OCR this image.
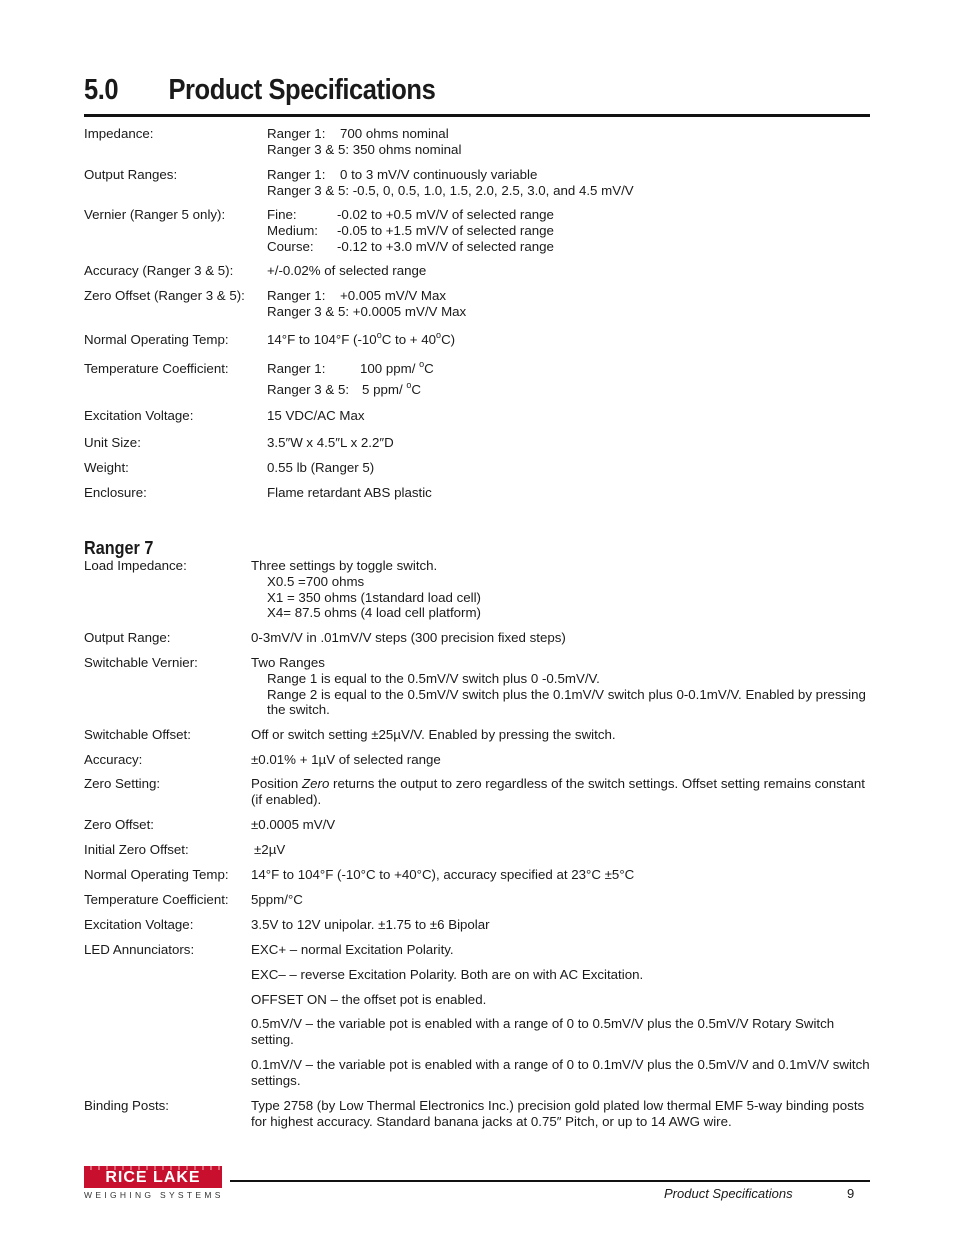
5.0 Product Specifications
Impedance:	Ranger 1: 700 ohms nominal
Ranger 3 & 5: 350 ohms nominal
Output Ranges:	Ranger 1: 0 to 3 mV/V continuously variable
Ranger 3 & 5: -0.5, 0, 0.5, 1.0, 1.5, 2.0, 2.5, 3.0, and 4.5 mV/V
Vernier (Ranger 5 only):	Fine:	-0.02 to +0.5 mV/V of selected range
Medium: -0.05 to +1.5 mV/V of selected range
Course: -0.12 to +3.0 mV/V of selected range
Accuracy (Ranger 3 & 5):	+/-0.02% of selected range
Zero Offset (Ranger 3 & 5):	Ranger 1: +0.005 mV/V Max
Ranger 3 & 5: +0.0005 mV/V Max
Normal Operating Temp:	14°F to 104°F (-10$^o$C to + $40^oC$)
Temperature Coefficient:	Ranger 1:	100 ppm/ $^o$C
Ranger 3 & 5: 5 ppm/ $^o$C
Excitation Voltage:	15 VDC/AC Max
Unit Size:	3.5″W x 4.5″L x 2.2″D
Weight:	0.55 lb (Ranger 5)
Enclosure:	Flame retardant ABS plastic
Ranger 7
Load Impedance:	Three settings by toggle switch.
X0.5 =700 ohms
X1 = 350 ohms (1standard load cell)
X4= 87.5 ohms (4 load cell platform)
Output Range:	0-3mV/V in .01mV/V steps (300 precision fixed steps)
Switchable Vernier:	Two Ranges
Range 1 is equal to the 0.5mV/V switch plus 0 -0.5mV/V.
Range 2 is equal to the 0.5mV/V switch plus the 0.1mV/V switch plus 0-0.1mV/V. Enabled by pressing the switch.
Switchable Offset:	Off or switch setting ±25µV/V. Enabled by pressing the switch.
Accuracy:	±0.01% + 1µV of selected range
Zero Setting:	Position Zero returns the output to zero regardless of the switch settings. Offset setting remains constant (if enabled).
Zero Offset:	±0.0005 mV/V
Initial Zero Offset:	±2µV
Normal Operating Temp:	14°F to 104°F (-10°C to +40°C), accuracy specified at 23°C ±5°C
Temperature Coefficient:	5ppm/°C
Excitation Voltage:	3.5V to 12V unipolar. ±1.75 to ±6 Bipolar
LED Annunciators:	EXC+ – normal Excitation Polarity.
EXC– – reverse Excitation Polarity. Both are on with AC Excitation.
OFFSET ON – the offset pot is enabled.
0.5mV/V – the variable pot is enabled with a range of 0 to 0.5mV/V plus the 0.5mV/V Rotary Switch setting.
0.1mV/V – the variable pot is enabled with a range of 0 to 0.1mV/V plus the 0.5mV/V and 0.1mV/V switch settings.
Binding Posts:	Type 2758 (by Low Thermal Electronics Inc.) precision gold plated low thermal EMF 5-way binding posts for highest accuracy. Standard banana jacks at 0.75″ Pitch, or up to 14 AWG wire.
RICE LAKE
WEIGHING SYSTEMS	Product Specifications	9
